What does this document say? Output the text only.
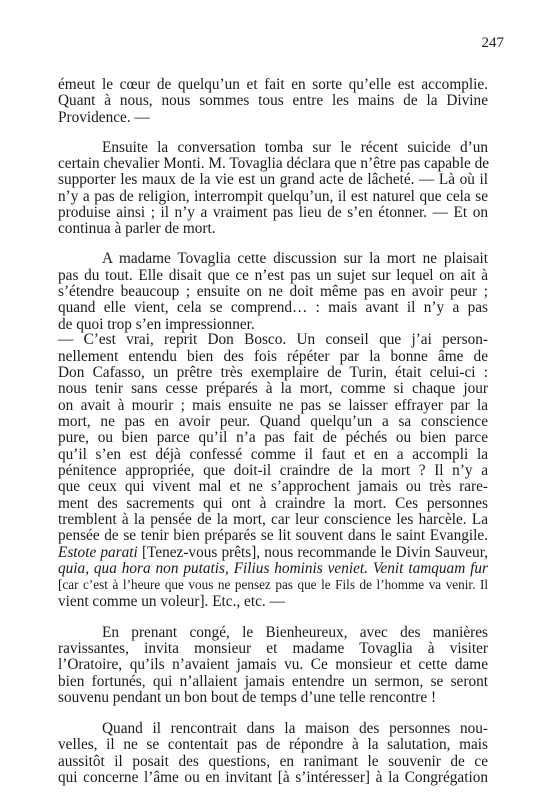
247
émeut le cœur de quelqu’un et fait en sorte qu’elle est accomplie.
Quant à nous, nous sommes tous entre les mains de la Divine
Providence. —
Ensuite la conversation tomba sur le récent suicide d’un
certain chevalier Monti. M. Tovaglia déclara que n’être pas capable de
supporter les maux de la vie est un grand acte de lâcheté. — Là où il
n’y a pas de religion, interrompit quelqu’un, il est naturel que cela se
produise ainsi ; il n’y a vraiment pas lieu de s’en étonner. — Et on
continua à parler de mort.
A madame Tovaglia cette discussion sur la mort ne plaisait
pas du tout. Elle disait que ce n’est pas un sujet sur lequel on ait à
s’étendre beaucoup ; ensuite on ne doit même pas en avoir peur ;
quand elle vient, cela se comprend… : mais avant il n’y a pas
de quoi trop s’en impressionner.
— C’est vrai, reprit Don Bosco. Un conseil que j’ai person-
nellement entendu bien des fois répéter par la bonne âme de
Don Cafasso, un prêtre très exemplaire de Turin, était celui-ci :
nous tenir sans cesse préparés à la mort, comme si chaque jour
on avait à mourir ; mais ensuite ne pas se laisser effrayer par la
mort, ne pas en avoir peur. Quand quelqu’un a sa conscience
pure, ou bien parce qu’il n’a pas fait de péchés ou bien parce
qu’il s’en est déjà confessé comme il faut et en a accompli la
pénitence appropriée, que doit-il craindre de la mort ? Il n’y a
que ceux qui vivent mal et ne s’approchent jamais ou très rare-
ment des sacrements qui ont à craindre la mort. Ces personnes
tremblent à la pensée de la mort, car leur conscience les harcèle. La
pensée de se tenir bien préparés se lit souvent dans le saint Evangile.
Estote parati [Tenez-vous prêts], nous recommande le Divin Sauveur,
quia, qua hora non putatis, Filius hominis veniet. Venit tamquam fur
[car c’est à l’heure que vous ne pensez pas que le Fils de l’homme va venir. Il
vient comme un voleur]. Etc., etc. —
En prenant congé, le Bienheureux, avec des manières
ravissantes, invita monsieur et madame Tovaglia à visiter
l’Oratoire, qu’ils n’avaient jamais vu. Ce monsieur et cette dame
bien fortunés, qui n’allaient jamais entendre un sermon, se seront
souvenu pendant un bon bout de temps d’une telle rencontre !
Quand il rencontrait dans la maison des personnes nou-
velles, il ne se contentait pas de répondre à la salutation, mais
aussitôt il posait des questions, en ranimant le souvenir de ce
qui concerne l’âme ou en invitant [à s’intéresser] à la Congrégation
